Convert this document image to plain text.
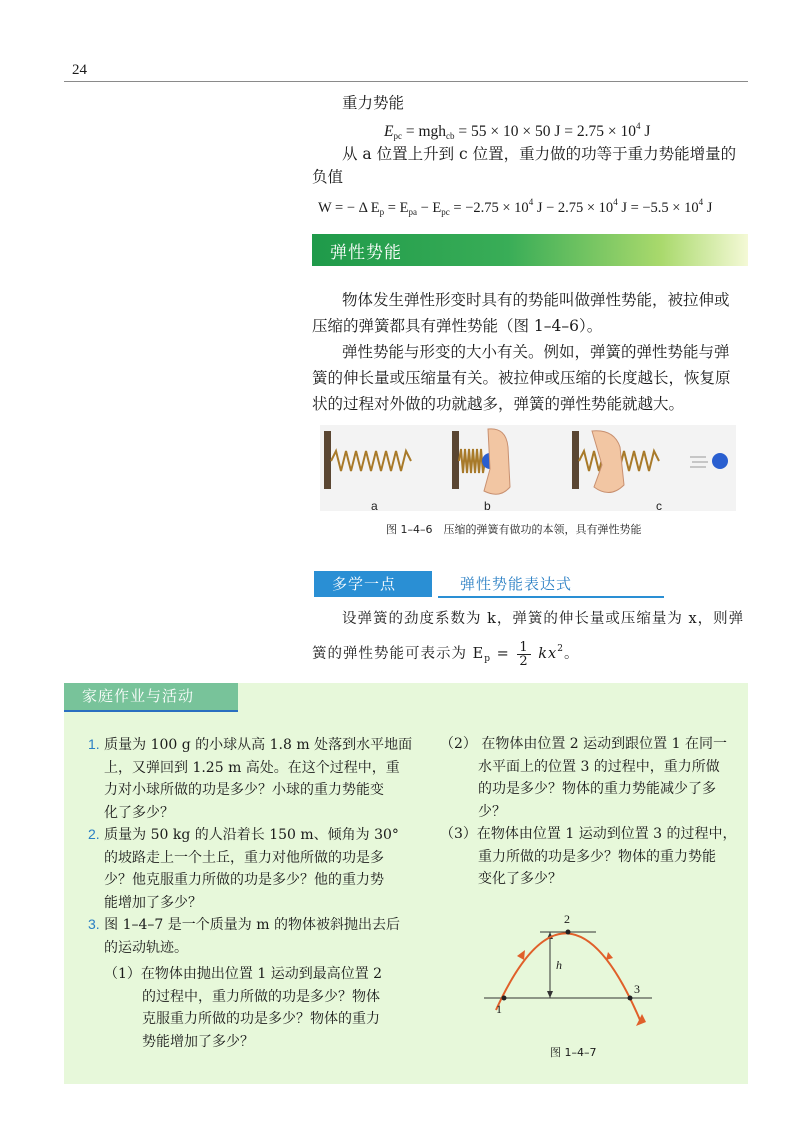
24
重力势能
$E_{pc} = mgh_{cb} = 55 \times 10 \times 50$ $J = 2.75 \times 10^4$ J
从 a 位置上升到 c 位置，重力做的功等于重力势能增量的
负值
W = − Δ $E_p = E_{pa} - E_{pc} = -2.75 \times 10^4$ $J - 2.75 \times 10^4$ $J = -5.5 \times 10^4$ J
弹性势能
物体发生弹性形变时具有的势能叫做弹性势能，被拉伸或
压缩的弹簧都具有弹性势能（图 1–4–6）。
弹性势能与形变的大小有关。例如，弹簧的弹性势能与弹
簧的伸长量或压缩量有关。被拉伸或压缩的长度越长，恢复原
状的过程对外做的功就越多，弹簧的弹性势能就越大。
a	b	c
图 1–4–6　压缩的弹簧有做功的本领，具有弹性势能
多学一点	弹性势能表达式
设弹簧的劲度系数为 k，弹簧的伸长量或压缩量为 x，则弹
簧的弹性势能可表示为 $E_p = \frac{1}{2} kx^2$。
家庭作业与活动
1. 质量为 100 g 的小球从高 1.8 m 处落到水平地面
上，又弹回到 1.25 m 高处。在这个过程中，重
力对小球所做的功是多少？小球的重力势能变
化了多少？
2. 质量为 50 kg 的人沿着长 150 m、倾角为 30°
的坡路走上一个土丘，重力对他所做的功是多
少？他克服重力所做的功是多少？他的重力势
能增加了多少？
3. 图 1–4–7 是一个质量为 m 的物体被斜抛出去后
的运动轨迹。
（1）在物体由抛出位置 1 运动到最高位置 2
的过程中，重力所做的功是多少？物体
克服重力所做的功是多少？物体的重力
势能增加了多少？
（2） 在物体由位置 2 运动到跟位置 1 在同一
水平面上的位置 3 的过程中，重力所做
的功是多少？物体的重力势能减少了多
少？
（3）在物体由位置 1 运动到位置 3 的过程中，
重力所做的功是多少？物体的重力势能
变化了多少？
1
2
3
h
图 1–4–7
